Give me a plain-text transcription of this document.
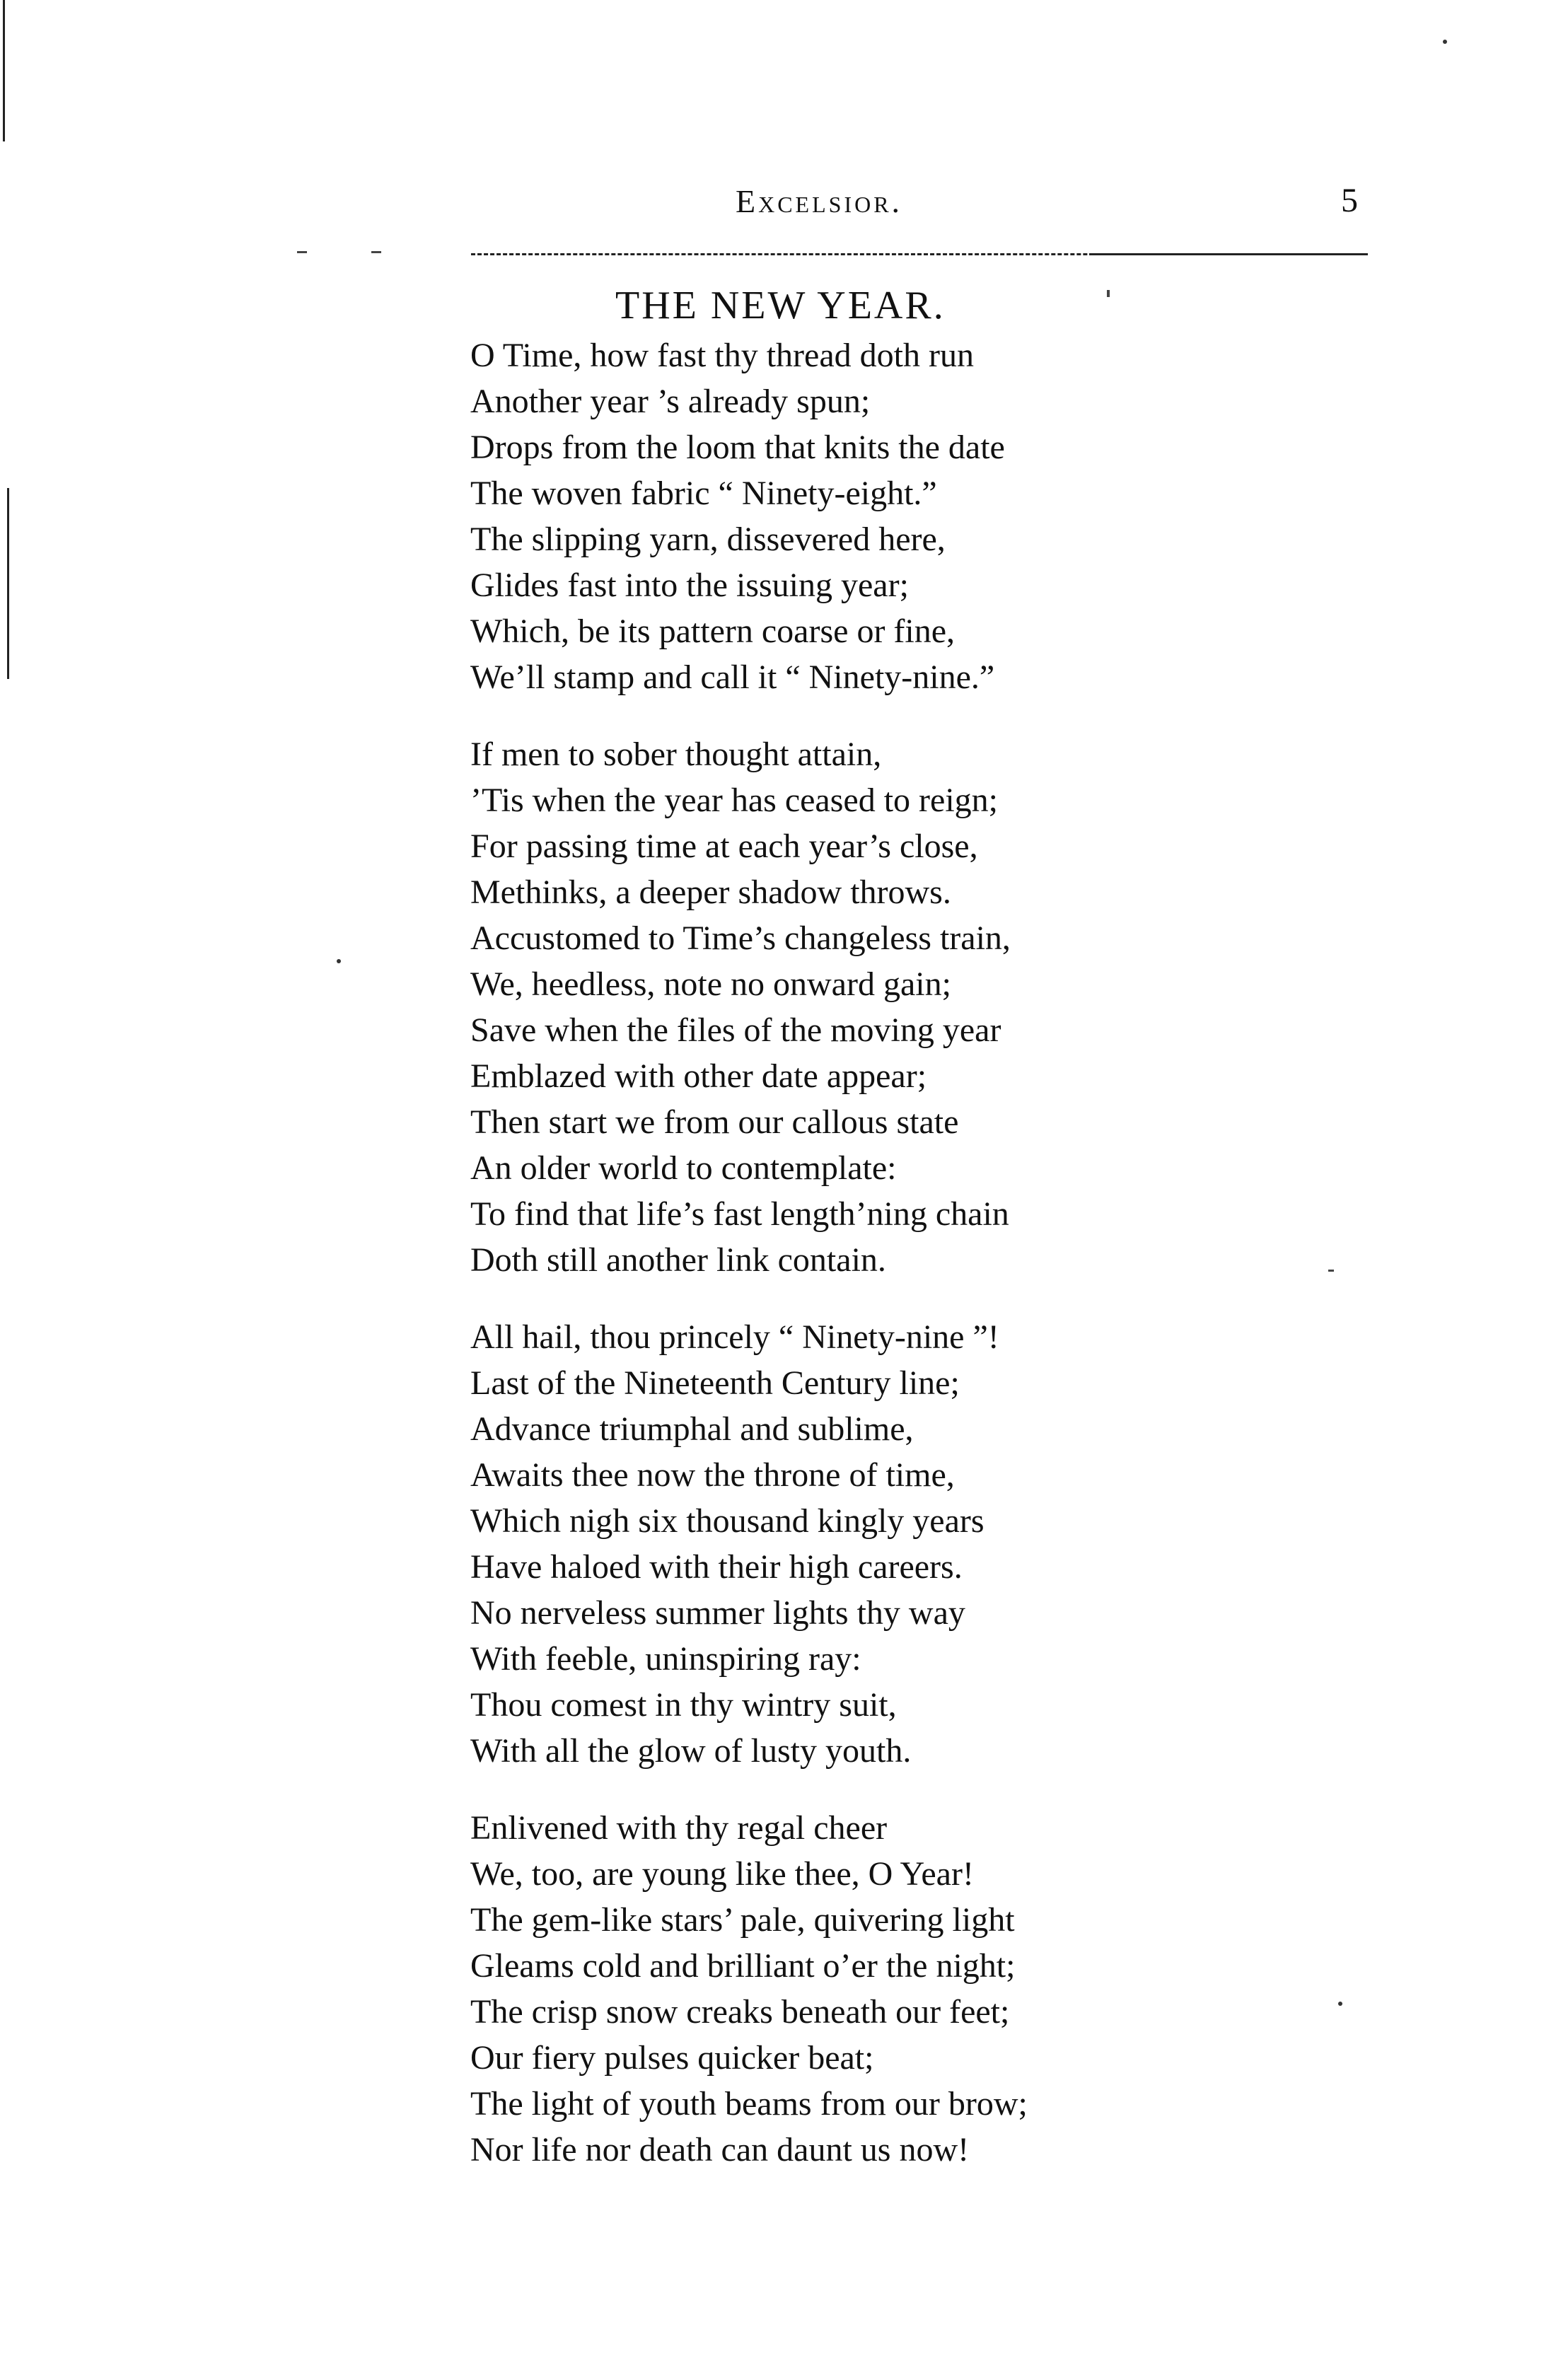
Excelsior.	5
THE NEW YEAR.
O Time, how fast thy thread doth run
Another year ’s already spun;
Drops from the loom that knits the date
The woven fabric “ Ninety-eight.”
The slipping yarn, dissevered here,
Glides fast into the issuing year;
Which, be its pattern coarse or fine,
We’ll stamp and call it “ Ninety-nine.”
If men to sober thought attain,
’Tis when the year has ceased to reign;
For passing time at each year’s close,
Methinks, a deeper shadow throws.
Accustomed to Time’s changeless train,
We, heedless, note no onward gain;
Save when the files of the moving year
Emblazed with other date appear;
Then start we from our callous state
An older world to contemplate:
To find that life’s fast length’ning chain
Doth still another link contain.
All hail, thou princely “ Ninety-nine ”!
Last of the Nineteenth Century line;
Advance triumphal and sublime,
Awaits thee now the throne of time,
Which nigh six thousand kingly years
Have haloed with their high careers.
No nerveless summer lights thy way
With feeble, uninspiring ray:
Thou comest in thy wintry suit,
With all the glow of lusty youth.
Enlivened with thy regal cheer
We, too, are young like thee, O Year!
The gem-like stars’ pale, quivering light
Gleams cold and brilliant o’er the night;
The crisp snow creaks beneath our feet;
Our fiery pulses quicker beat;
The light of youth beams from our brow;
Nor life nor death can daunt us now!
